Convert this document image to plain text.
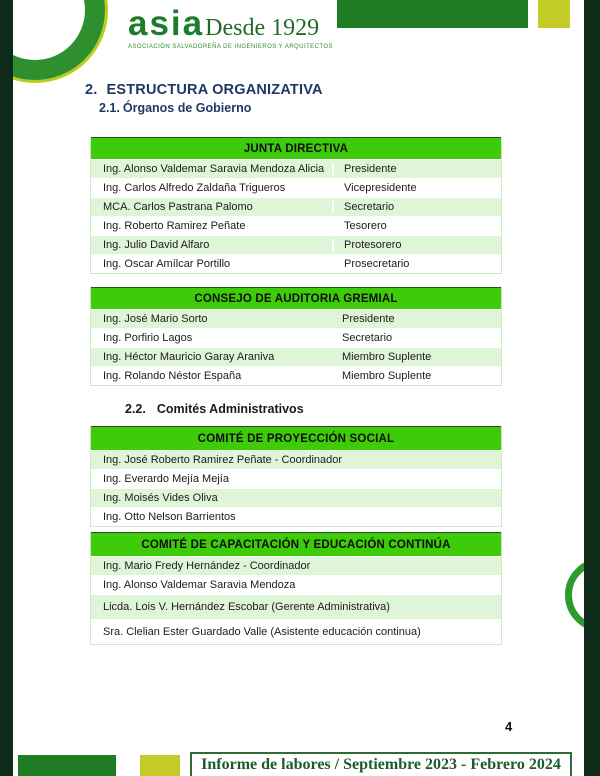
asia Desde 1929
ASOCIACIÓN SALVADOREÑA DE INGENIEROS Y ARQUITECTOS
2. ESTRUCTURA ORGANIZATIVA
2.1. Órganos de Gobierno
JUNTA DIRECTIVA
Ing. Alonso Valdemar Saravia Mendoza Alicia	Presidente
Ing. Carlos Alfredo Zaldaña Trigueros	Vicepresidente
MCA. Carlos Pastrana Palomo	Secretario
Ing. Roberto Ramirez Peñate	Tesorero
Ing. Julio David Alfaro	Protesorero
Ing. Oscar Amílcar Portillo	Prosecretario
CONSEJO DE AUDITORIA GREMIAL
Ing. José Mario Sorto	Presidente
Ing. Porfirio Lagos	Secretario
Ing. Héctor Mauricio Garay Araniva	Miembro Suplente
Ing. Rolando Néstor España	Miembro Suplente
2.2. Comités Administrativos
COMITÉ DE PROYECCIÓN SOCIAL
Ing. José Roberto Ramirez Peñate - Coordinador
Ing. Everardo Mejía Mejía
Ing. Moisés Vides Oliva
Ing. Otto Nelson Barrientos
COMITÉ DE CAPACITACIÓN Y EDUCACIÓN CONTINÚA
Ing. Mario Fredy Hernández - Coordinador
Ing. Alonso Valdemar Saravia Mendoza
Licda. Lois V. Hernández Escobar (Gerente Administrativa)
Sra. Clelian Ester Guardado Valle (Asistente educación continua)
4
Informe de labores / Septiembre 2023 - Febrero 2024
